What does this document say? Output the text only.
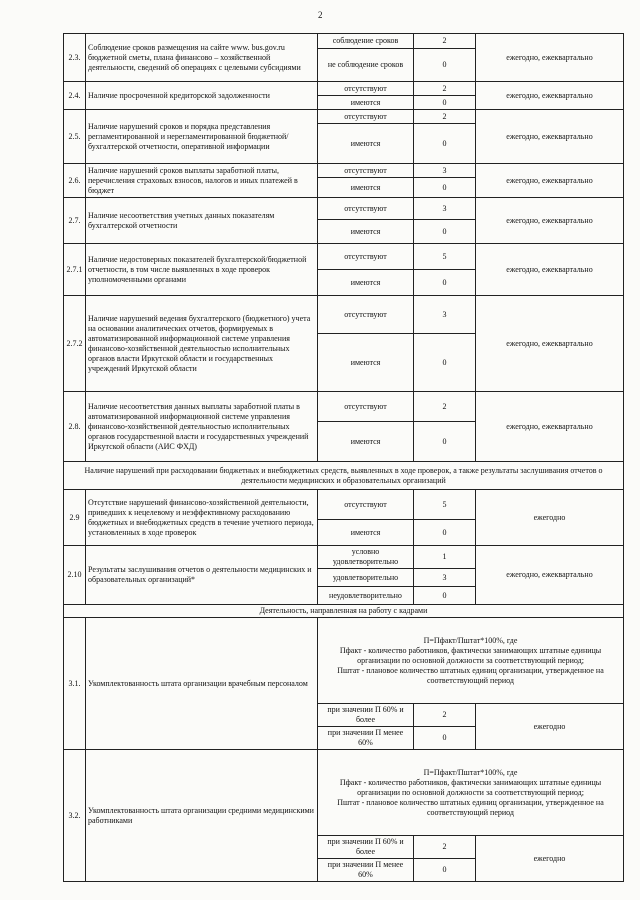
2
2.3.	Соблюдение сроков размещения на сайте www. bus.gov.ru бюджетной сметы, плана финансово – хозяйственной деятельности, сведений об операциях с целевыми субсидиями	соблюдение сроков	2	ежегодно, ежеквартально
		не соблюдение сроков	0	
2.4.	Наличие просроченной кредиторской задолженности	отсутствуют	2	ежегодно, ежеквартально
		имеются	0	
2.5.	Наличие нарушений сроков и порядка представления регламентированной и нерегламентированной бюджетной/бухгалтерской отчетности, оперативной информации	отсутствуют	2	ежегодно, ежеквартально
		имеются	0	
2.6.	Наличие нарушений сроков выплаты заработной платы, перечисления страховых взносов, налогов и иных платежей в бюджет	отсутствуют	3	ежегодно, ежеквартально
		имеются	0	
2.7.	Наличие несоответствия учетных данных показателям бухгалтерской отчетности	отсутствуют	3	ежегодно, ежеквартально
		имеются	0	
2.7.1	Наличие недостоверных показателей бухгалтерской/бюджетной отчетности, в том числе выявленных в ходе проверок уполномоченными органами	отсутствуют	5	ежегодно, ежеквартально
		имеются	0	
2.7.2	Наличие нарушений ведения бухгалтерского (бюджетного) учета на основании аналитических отчетов, формируемых в автоматизированной информационной системе управления финансово-хозяйственной деятельностью исполнительных органов власти Иркутской области и государственных учреждений Иркутской области	отсутствуют	3	ежегодно, ежеквартально
		имеются	0	
2.8.	Наличие несоответствия данных выплаты заработной платы в автоматизированной информационной системе управления финансово-хозяйственной деятельностью исполнительных органов государственной власти и государственных учреждений Иркутской области (АИС ФХД)	отсутствуют	2	ежегодно, ежеквартально
		имеются	0	
Наличие нарушений при расходовании бюджетных и внебюджетных средств, выявленных в ходе проверок, а также результаты заслушивания отчетов о деятельности медицинских и образовательных организаций				
2.9	Отсутствие нарушений финансово-хозяйственной деятельности, приведших к нецелевому и неэффективному расходованию бюджетных и внебюджетных средств в течение учетного периода, установленных в ходе проверок	отсутствуют	5	ежегодно
		имеются	0	
2.10	Результаты заслушивания отчетов о деятельности медицинских и образовательных организаций*	условно удовлетворительно	1	ежегодно, ежеквартально
		удовлетворительно	3	
		неудовлетворительно	0	
Деятельность, направленная на работу с кадрами				
3.1.	Укомплектованность штата организации врачебным персоналом	П=Пфакт/Пштат*100%, где
Пфакт - количество работников, фактически занимающих штатные единицы организации по основной должности за соответствующий период;
Пштат - плановое количество штатных единиц организации, утвержденное на соответствующий период		

		при значении П 60% и более	2	ежегодно
		при значении П менее 60%	0	
3.2.	Укомплектованность штата организации средними медицинскими работниками	П=Пфакт/Пштат*100%, где
Пфакт - количество работников, фактически занимающих штатные единицы организации по основной должности за соответствующий период;
Пштат - плановое количество штатных единиц организации, утвержденное на соответствующий период		

		при значении П 60% и более	2	ежегодно
		при значении П менее 60%	0	
